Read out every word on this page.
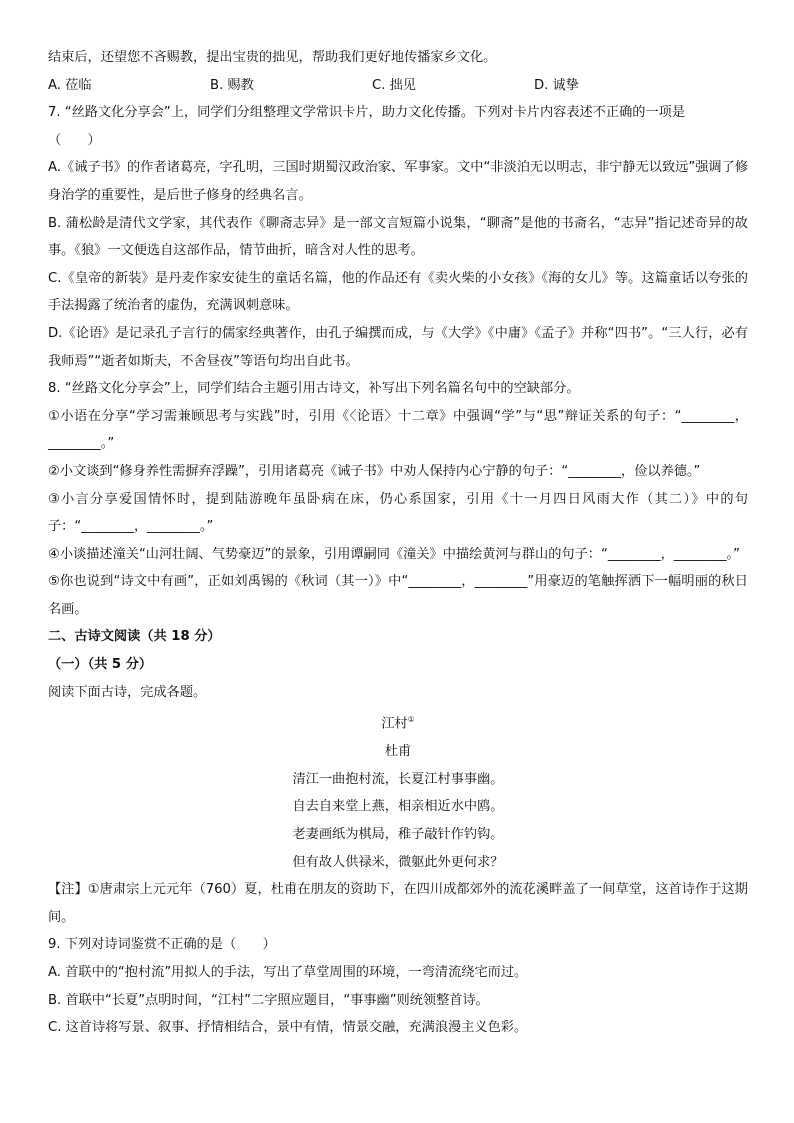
结束后，还望您不吝赐教，提出宝贵的拙见，帮助我们更好地传播家乡文化。
A. 莅临	B. 赐教	C. 拙见	D. 诚挚
7. “丝路文化分享会”上，同学们分组整理文学常识卡片，助力文化传播。下列对卡片内容表述不正确的一项是
（　　）
A.《诫子书》的作者诸葛亮，字孔明，三国时期蜀汉政治家、军事家。文中“非淡泊无以明志，非宁静无以致远”强调了修身治学的重要性，是后世子修身的经典名言。
B. 蒲松龄是清代文学家，其代表作《聊斋志异》是一部文言短篇小说集，“聊斋”是他的书斋名，“志异”指记述奇异的故事。《狼》一文便选自这部作品，情节曲折，暗含对人性的思考。
C.《皇帝的新装》是丹麦作家安徒生的童话名篇，他的作品还有《卖火柴的小女孩》《海的女儿》等。这篇童话以夸张的手法揭露了统治者的虚伪，充满讽刺意味。
D.《论语》是记录孔子言行的儒家经典著作，由孔子编撰而成，与《大学》《中庸》《孟子》并称“四书”。“三人行，必有我师焉”“逝者如斯夫，不舍昼夜”等语句均出自此书。
8. “丝路文化分享会”上，同学们结合主题引用古诗文，补写出下列名篇名句中的空缺部分。
①小语在分享“学习需兼顾思考与实践”时，引用《〈论语〉十二章》中强调“学”与“思”辩证关系的句子：“________，________。”
②小文谈到“修身养性需摒弃浮躁”，引用诸葛亮《诫子书》中劝人保持内心宁静的句子：“________，俭以养德。”
③小言分享爱国情怀时，提到陆游晚年虽卧病在床，仍心系国家，引用《十一月四日风雨大作（其二）》中的句子：“________，________。”
④小谈描述潼关“山河壮阔、气势豪迈”的景象，引用谭嗣同《潼关》中描绘黄河与群山的句子：“________，________。”
⑤你也说到“诗文中有画”，正如刘禹锡的《秋词（其一）》中“________，________”用豪迈的笔触挥洒下一幅明丽的秋日名画。
二、古诗文阅读（共 18 分）
（一）（共 5 分）
阅读下面古诗，完成各题。
江村①
杜甫
清江一曲抱村流，长夏江村事事幽。
自去自来堂上燕，相亲相近水中鸥。
老妻画纸为棋局，稚子敲针作钓钩。
但有故人供禄米，微躯此外更何求？
【注】①唐肃宗上元元年（760）夏，杜甫在朋友的资助下，在四川成都郊外的流花溪畔盖了一间草堂，这首诗作于这期间。
9. 下列对诗词鉴赏不正确的是（　　）
A. 首联中的“抱村流”用拟人的手法，写出了草堂周围的环境，一弯清流绕宅而过。
B. 首联中“长夏”点明时间，“江村”二字照应题目，“事事幽”则统领整首诗。
C. 这首诗将写景、叙事、抒情相结合，景中有情，情景交融，充满浪漫主义色彩。
